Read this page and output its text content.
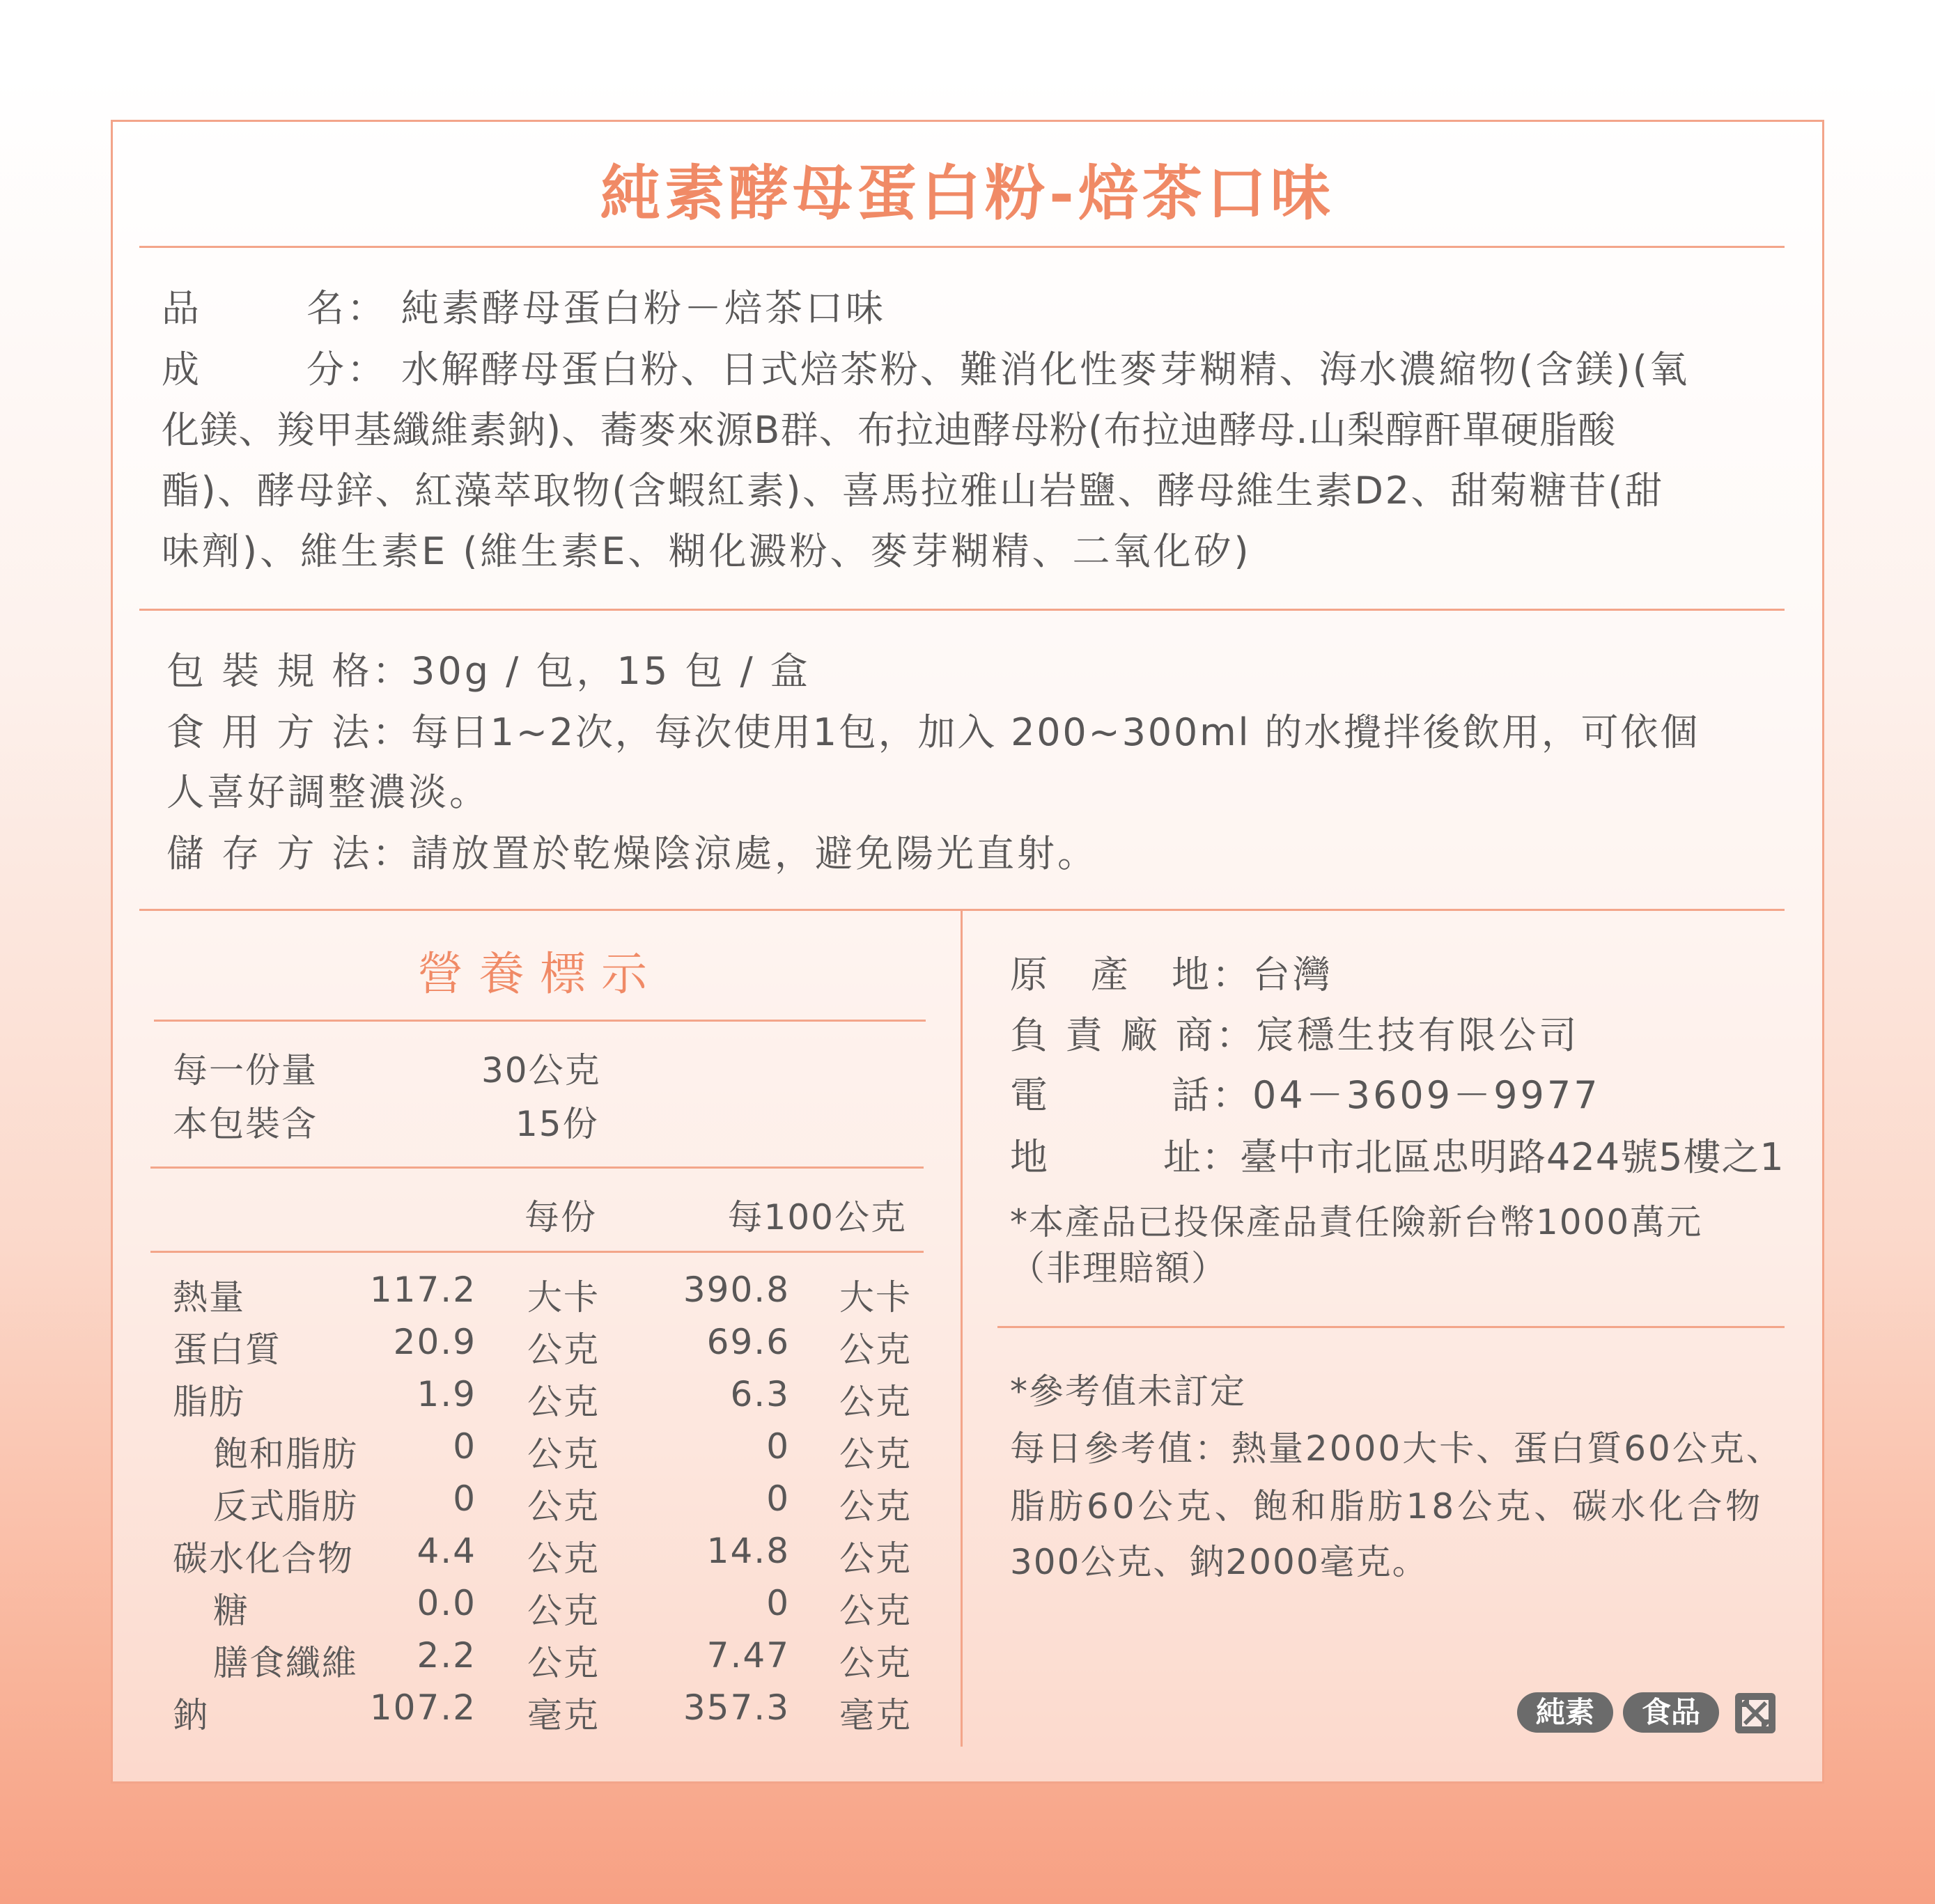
純素酵母蛋白粉-焙茶口味
品	名： 純素酵母蛋白粉－焙茶口味
成	分： 水解酵母蛋白粉、日式焙茶粉、難消化性麥芽糊精、海水濃縮物(含鎂)(氧
化鎂、羧甲基纖維素鈉)、蕎麥來源B群、布拉迪酵母粉(布拉迪酵母.山梨醇酐單硬脂酸
酯)、酵母鋅、紅藻萃取物(含蝦紅素)、喜馬拉雅山岩鹽、酵母維生素D2、甜菊糖苷(甜
味劑)、維生素E (維生素E、糊化澱粉、麥芽糊精、二氧化矽)
包 裝 規 格：
30g / 包，15 包 / 盒
食 用 方 法：
每日1~2次，每次使用1包，加入 200~300ml 的水攪拌後飲用，可依個
人喜好調整濃淡。
儲 存 方 法：
請放置於乾燥陰涼處，避免陽光直射。
營養標示
每一份量	30公克
本包裝含	15份
每份	每100公克
熱量	117.2 大卡	390.8 大卡
蛋白質	20.9 公克	69.6 公克
脂肪	1.9 公克	6.3 公克
飽和脂肪	0 公克	0 公克
反式脂肪	0 公克	0 公克
碳水化合物	4.4 公克	14.8 公克
糖	0.0 公克	0 公克
膳食纖維	2.2 公克	7.47 公克
鈉	107.2 毫克	357.3 毫克
原　產　地：台灣
負 責 廠 商：宸穩生技有限公司
電　　　話：04－3609－9977
地　　　址：臺中市北區忠明路424號5樓之1
*本產品已投保產品責任險新台幣1000萬元
（非理賠額）
*參考值未訂定
每日參考值：熱量2000大卡、蛋白質60公克、
脂肪60公克、飽和脂肪18公克、碳水化合物
300公克、鈉2000毫克。
純素	食品
